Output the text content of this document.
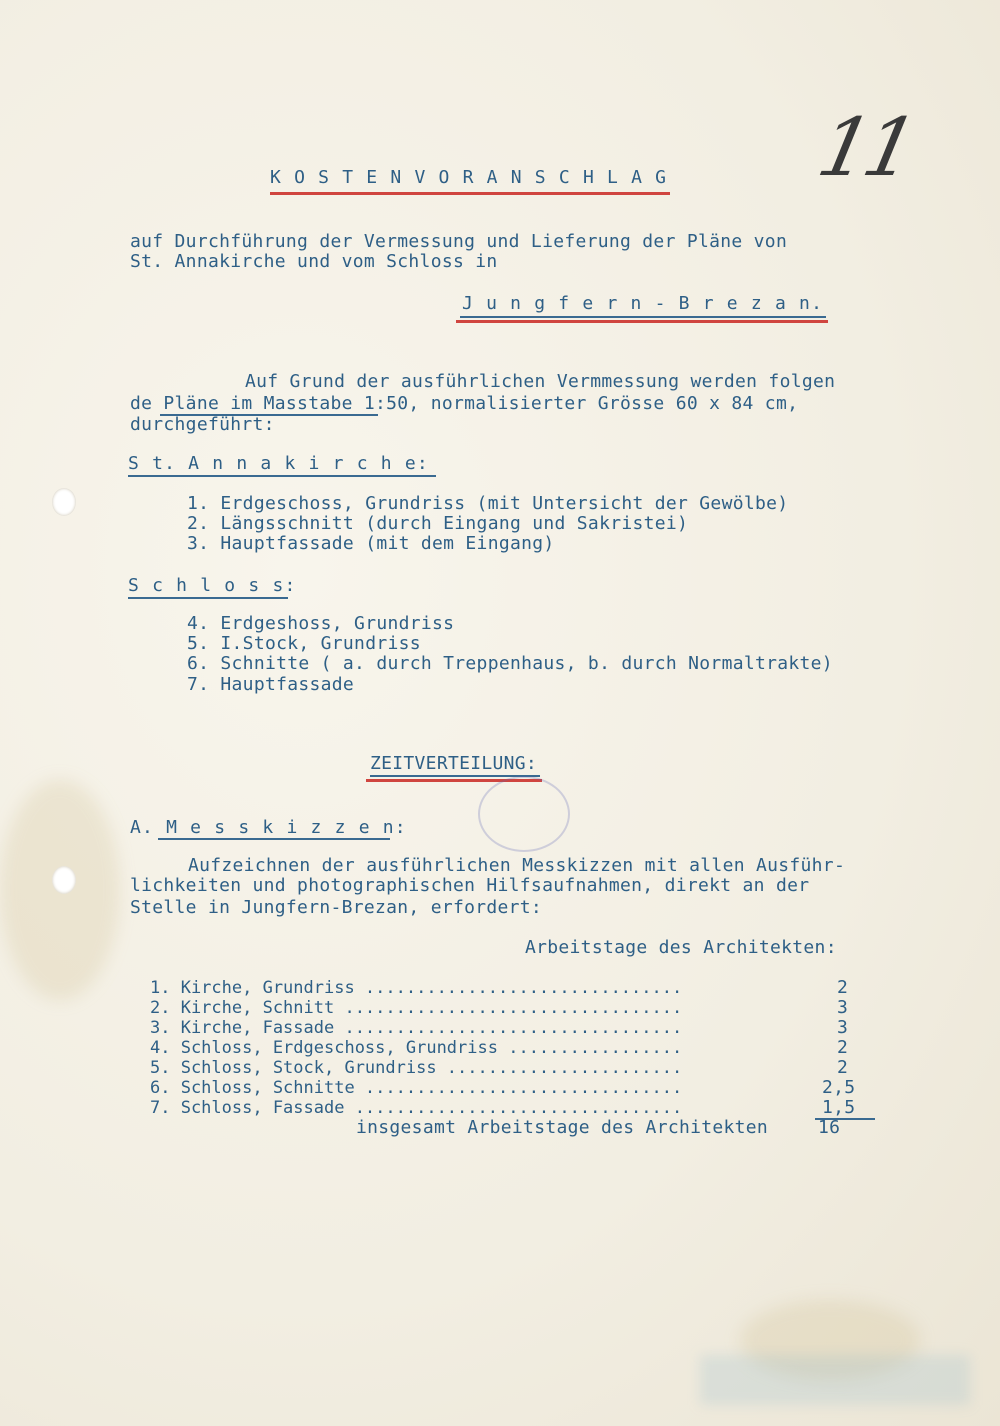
11
K O S T E N V O R A N S C H L A G
auf Durchführung der Vermessung und Lieferung der Pläne von
St. Annakirche und vom Schloss in
J u n g f e r n - B r e z a n.
Auf Grund der ausführlichen Vermmessung werden folgen
de Pläne im Masstabe 1:50, normalisierter Grösse 60 x 84 cm,
durchgeführt:
S t. A n n a k i r c h e:
1. Erdgeschoss, Grundriss (mit Untersicht der Gewölbe)
2. Längsschnitt (durch Eingang und Sakristei)
3. Hauptfassade (mit dem Eingang)
S c h l o s s:
4. Erdgeshoss, Grundriss
5. I.Stock, Grundriss
6. Schnitte ( a. durch Treppenhaus, b. durch Normaltrakte)
7. Hauptfassade
ZEITVERTEILUNG:
A. M e s s k i z z e n:
Aufzeichnen der ausführlichen Messkizzen mit allen Ausführ-
lichkeiten und photographischen Hilfsaufnahmen, direkt an der
Stelle in Jungfern-Brezan, erfordert:
Arbeitstage des Architekten:
1. Kirche, Grundriss ...............................	2
2. Kirche, Schnitt .................................	3
3. Kirche, Fassade .................................	3
4. Schloss, Erdgeschoss, Grundriss .................	2
5. Schloss, Stock, Grundriss .......................	2
6. Schloss, Schnitte ...............................	2,5
7. Schloss, Fassade ................................	1,5
insgesamt Arbeitstage des Architekten	16
